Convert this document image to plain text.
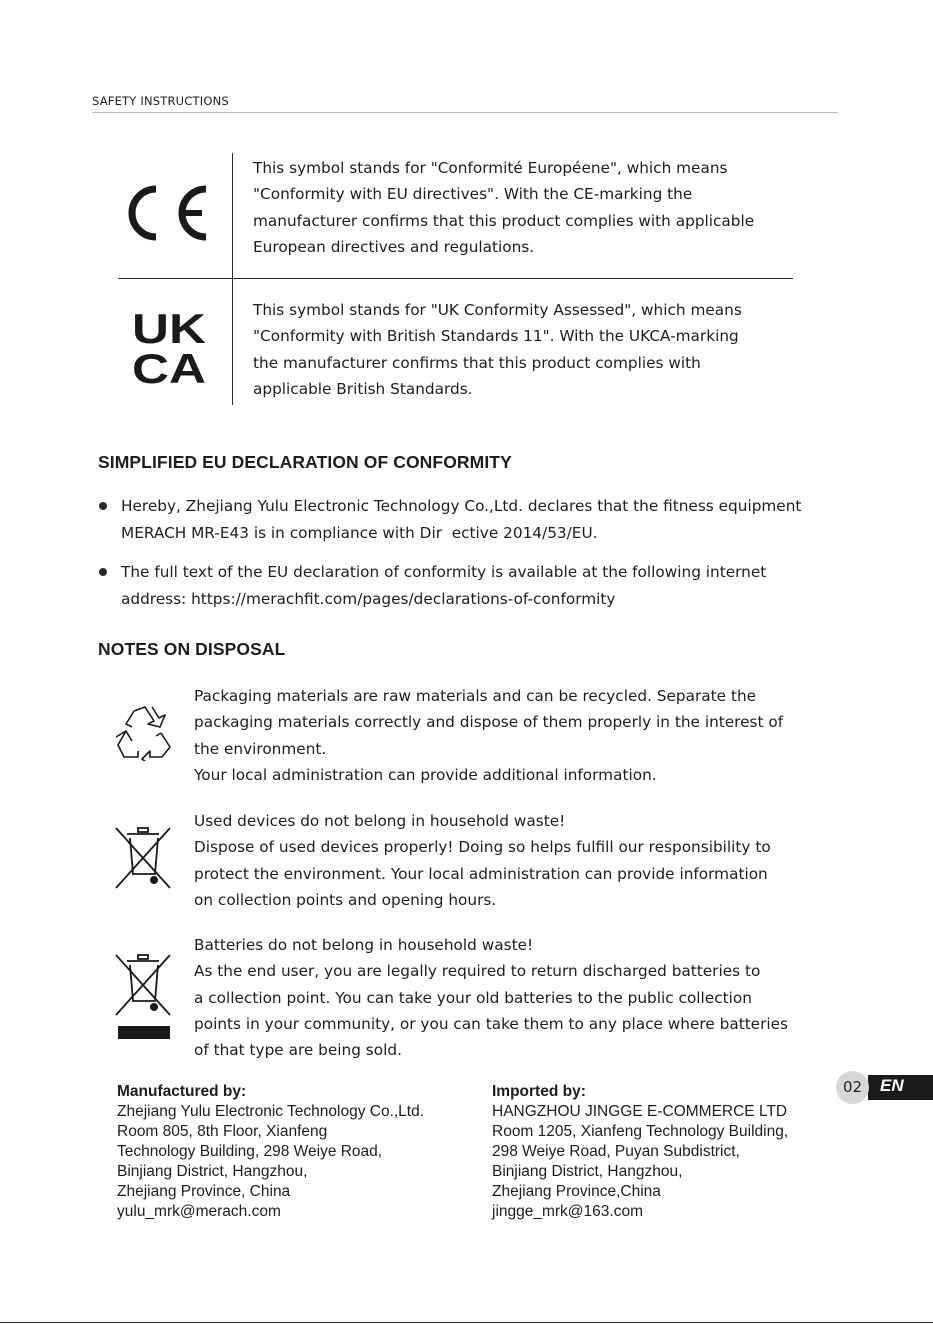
SAFETY INSTRUCTIONS
This symbol stands for "Conformité Européene", which means
"Conformity with EU directives". With the CE-marking the
manufacturer confirms that this product complies with applicable
European directives and regulations.
UK
CA
This symbol stands for "UK Conformity Assessed", which means
"Conformity with British Standards 11". With the UKCA-marking
the manufacturer confirms that this product complies with
applicable British Standards.
SIMPLIFIED EU DECLARATION OF CONFORMITY
Hereby, Zhejiang Yulu Electronic Technology Co.,Ltd. declares that the fitness equipment
MERACH MR-E43 is in compliance with Dir  ective 2014/53/EU.
The full text of the EU declaration of conformity is available at the following internet
address: https://merachfit.com/pages/declarations-of-conformity
NOTES ON DISPOSAL
Packaging materials are raw materials and can be recycled. Separate the
packaging materials correctly and dispose of them properly in the interest of
the environment.
Your local administration can provide additional information.
Used devices do not belong in household waste!
Dispose of used devices properly! Doing so helps fulfill our responsibility to
protect the environment. Your local administration can provide information
on collection points and opening hours.
Batteries do not belong in household waste!
As the end user, you are legally required to return discharged batteries to
a collection point. You can take your old batteries to the public collection
points in your community, or you can take them to any place where batteries
of that type are being sold.
Manufactured by:
Zhejiang Yulu Electronic Technology Co.,Ltd.
Room 805, 8th Floor, Xianfeng
Technology Building, 298 Weiye Road,
Binjiang District, Hangzhou,
Zhejiang Province, China
yulu_mrk@merach.com
Imported by:
HANGZHOU JINGGE E-COMMERCE LTD
Room 1205, Xianfeng Technology Building,
298 Weiye Road, Puyan Subdistrict,
Binjiang District, Hangzhou,
Zhejiang Province,China
jingge_mrk@163.com
EN
02
